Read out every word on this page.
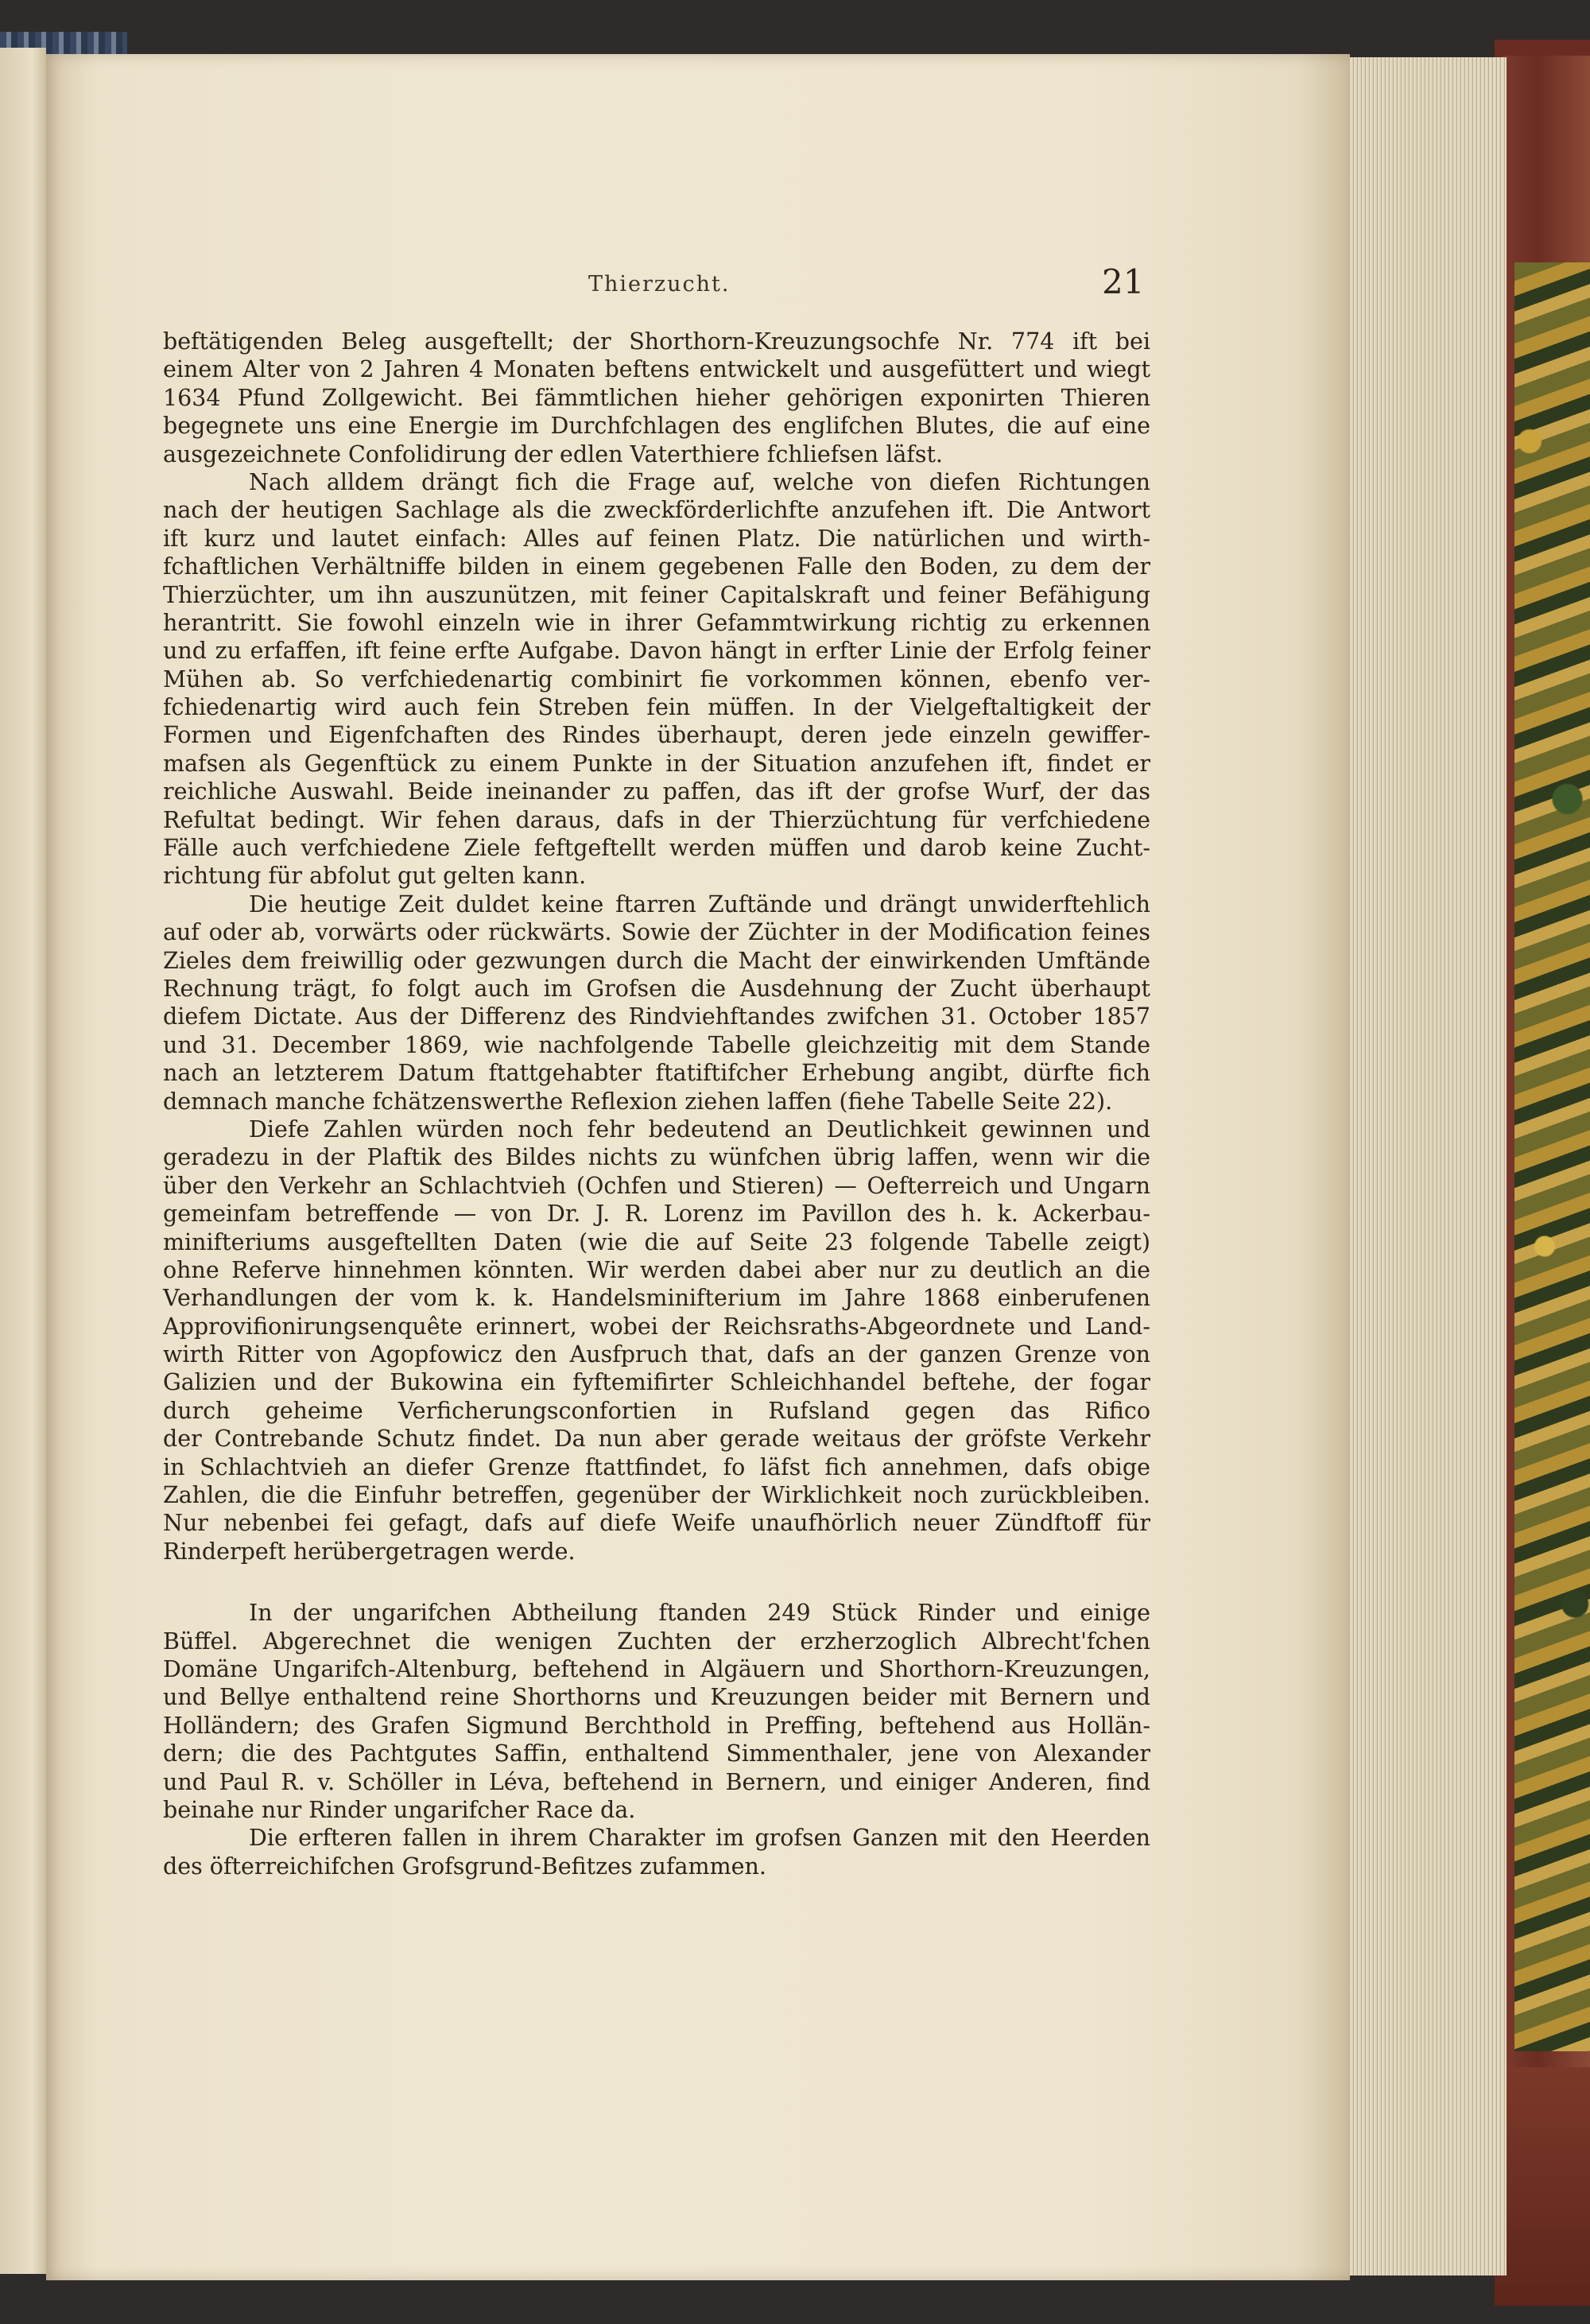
Thierzucht.	21
beftätigenden Beleg ausgeftellt; der Shorthorn-Kreuzungsochfe Nr. 774 ift bei
einem Alter von 2 Jahren 4 Monaten beftens entwickelt und ausgefüttert und wiegt
1634 Pfund Zollgewicht. Bei fämmtlichen hieher gehörigen exponirten Thieren
begegnete uns eine Energie im Durchfchlagen des englifchen Blutes, die auf eine
ausgezeichnete Confolidirung der edlen Vaterthiere fchliefsen läfst.
Nach alldem drängt fich die Frage auf, welche von diefen Richtungen
nach der heutigen Sachlage als die zweckförderlichfte anzufehen ift. Die Antwort
ift kurz und lautet einfach: Alles auf feinen Platz. Die natürlichen und wirth-
fchaftlichen Verhältniffe bilden in einem gegebenen Falle den Boden, zu dem der
Thierzüchter, um ihn auszunützen, mit feiner Capitalskraft und feiner Befähigung
herantritt. Sie fowohl einzeln wie in ihrer Gefammtwirkung richtig zu erkennen
und zu erfaffen, ift feine erfte Aufgabe. Davon hängt in erfter Linie der Erfolg feiner
Mühen ab. So verfchiedenartig combinirt fie vorkommen können, ebenfo ver-
fchiedenartig wird auch fein Streben fein müffen. In der Vielgeftaltigkeit der
Formen und Eigenfchaften des Rindes überhaupt, deren jede einzeln gewiffer-
mafsen als Gegenftück zu einem Punkte in der Situation anzufehen ift, findet er
reichliche Auswahl. Beide ineinander zu paffen, das ift der grofse Wurf, der das
Refultat bedingt. Wir fehen daraus, dafs in der Thierzüchtung für verfchiedene
Fälle auch verfchiedene Ziele feftgeftellt werden müffen und darob keine Zucht-
richtung für abfolut gut gelten kann.
Die heutige Zeit duldet keine ftarren Zuftände und drängt unwiderftehlich
auf oder ab, vorwärts oder rückwärts. Sowie der Züchter in der Modification feines
Zieles dem freiwillig oder gezwungen durch die Macht der einwirkenden Umftände
Rechnung trägt, fo folgt auch im Grofsen die Ausdehnung der Zucht überhaupt
diefem Dictate. Aus der Differenz des Rindviehftandes zwifchen 31. October 1857
und 31. December 1869, wie nachfolgende Tabelle gleichzeitig mit dem Stande
nach an letzterem Datum ftattgehabter ftatiftifcher Erhebung angibt, dürfte fich
demnach manche fchätzenswerthe Reflexion ziehen laffen (fiehe Tabelle Seite 22).
Diefe Zahlen würden noch fehr bedeutend an Deutlichkeit gewinnen und
geradezu in der Plaftik des Bildes nichts zu wünfchen übrig laffen, wenn wir die
über den Verkehr an Schlachtvieh (Ochfen und Stieren) — Oefterreich und Ungarn
gemeinfam betreffende — von Dr. J. R. Lorenz im Pavillon des h. k. Ackerbau-
minifteriums ausgeftellten Daten (wie die auf Seite 23 folgende Tabelle zeigt)
ohne Referve hinnehmen könnten. Wir werden dabei aber nur zu deutlich an die
Verhandlungen der vom k. k. Handelsminifterium im Jahre 1868 einberufenen
Approvifionirungsenquête erinnert, wobei der Reichsraths-Abgeordnete und Land-
wirth Ritter von Agopfowicz den Ausfpruch that, dafs an der ganzen Grenze von
Galizien und der Bukowina ein fyftemifirter Schleichhandel beftehe, der fogar
durch geheime Verficherungsconfortien in Rufsland gegen das Rifico
der Contrebande Schutz findet. Da nun aber gerade weitaus der gröfste Verkehr
in Schlachtvieh an diefer Grenze ftattfindet, fo läfst fich annehmen, dafs obige
Zahlen, die die Einfuhr betreffen, gegenüber der Wirklichkeit noch zurückbleiben.
Nur nebenbei fei gefagt, dafs auf diefe Weife unaufhörlich neuer Zündftoff für
Rinderpeft herübergetragen werde.
In der ungarifchen Abtheilung ftanden 249 Stück Rinder und einige
Büffel. Abgerechnet die wenigen Zuchten der erzherzoglich Albrecht'fchen
Domäne Ungarifch-Altenburg, beftehend in Algäuern und Shorthorn-Kreuzungen,
und Bellye enthaltend reine Shorthorns und Kreuzungen beider mit Bernern und
Holländern; des Grafen Sigmund Berchthold in Preffing, beftehend aus Hollän-
dern; die des Pachtgutes Saffin, enthaltend Simmenthaler, jene von Alexander
und Paul R. v. Schöller in Léva, beftehend in Bernern, und einiger Anderen, find
beinahe nur Rinder ungarifcher Race da.
Die erfteren fallen in ihrem Charakter im grofsen Ganzen mit den Heerden
des öfterreichifchen Grofsgrund-Befitzes zufammen.
